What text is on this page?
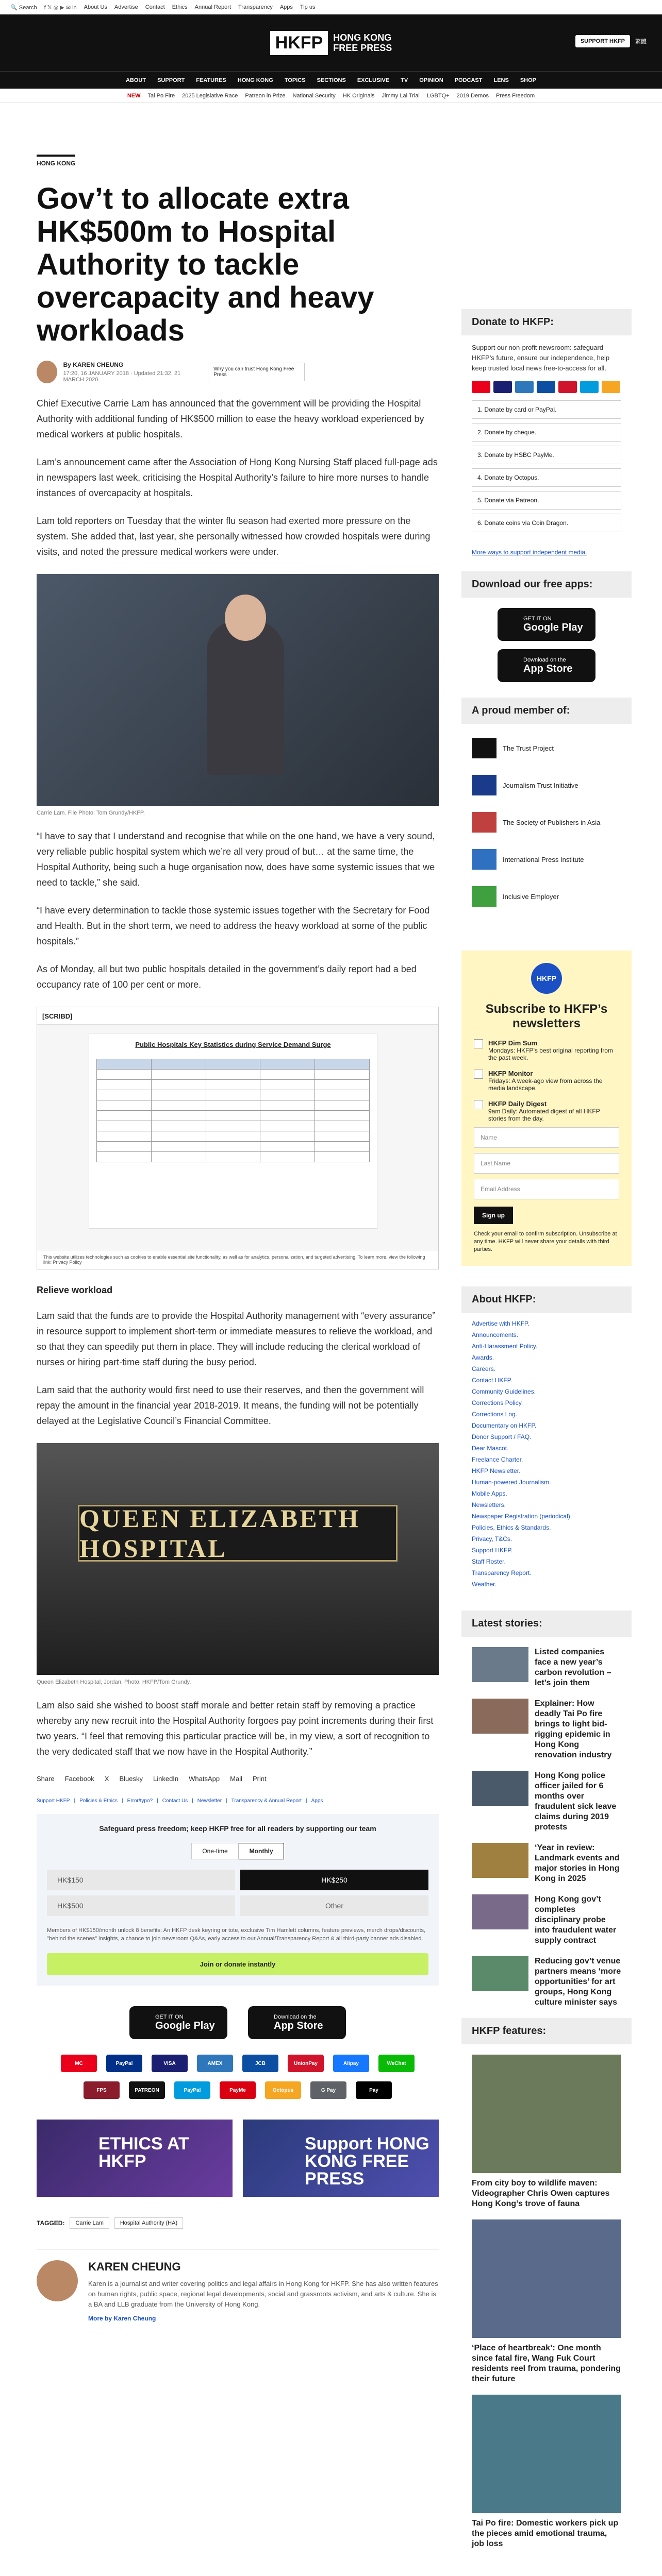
🔍 Search f 𝕏 ◎ ▶ ✉ in About Us Advertise Contact Ethics Annual Report Transparency Apps Tip us
HKFP	HONG KONG
FREE PRESS
SUPPORT HKFP	繁體
ABOUT SUPPORT FEATURES HONG KONG TOPICS SECTIONS EXCLUSIVE TV OPINION PODCAST LENS SHOP
NEW Tai Po Fire 2025 Legislative Race Patreon in Prize National Security HK Originals Jimmy Lai Trial LGBTQ+ 2019 Demos Press Freedom
HONG KONG
Gov’t to allocate extra HK$500m to Hospital Authority to tackle overcapacity and heavy workloads
By KAREN CHEUNG
17:20, 16 JANUARY 2018 · Updated 21:32, 21 MARCH 2020
Why you can trust Hong Kong Free Press

Chief Executive Carrie Lam has announced that the government will be providing the Hospital Authority with additional funding of HK$500 million to ease the heavy workload experienced by medical workers at public hospitals.

Lam’s announcement came after the Association of Hong Kong Nursing Staff placed full-page ads in newspapers last week, criticising the Hospital Authority’s failure to hire more nurses to handle instances of overcapacity at hospitals.

Lam told reporters on Tuesday that the winter flu season had exerted more pressure on the system. She added that, last year, she personally witnessed how crowded hospitals were during visits, and noted the pressure medical workers were under.

Carrie Lam. File Photo: Tom Grundy/HKFP.

“I have to say that I understand and recognise that while on the one hand, we have a very sound, very reliable public hospital system which we’re all very proud of but… at the same time, the Hospital Authority, being such a huge organisation now, does have some systemic issues that we need to tackle,” she said.

“I have every determination to tackle those systemic issues together with the Secretary for Food and Health. But in the short term, we need to address the heavy workload at some of the public hospitals.”

As of Monday, all but two public hospitals detailed in the government’s daily report had a bed occupancy rate of 100 per cent or more.

[SCRIBD]
Public Hospitals Key Statistics during Service Demand Surge

This website utilizes technologies such as cookies to enable essential site functionality, as well as for analytics, personalization, and targeted advertising. To learn more, view the following link: Privacy Policy
Relieve workload

Lam said that the funds are to provide the Hospital Authority management with “every assurance” in resource support to implement short-term or immediate measures to relieve the workload, and so that they can speedily put them in place. They will include reducing the clerical workload of nurses or hiring part-time staff during the busy period.

Lam said that the authority would first need to use their reserves, and then the government will repay the amount in the financial year 2018-2019. It means, the funding will not be potentially delayed at the Legislative Council’s Financial Committee.

QUEEN ELIZABETH HOSPITAL
Queen Elizabeth Hospital, Jordan. Photo: HKFP/Tom Grundy.

Lam also said she wished to boost staff morale and better retain staff by removing a practice whereby any new recruit into the Hospital Authority forgoes pay point increments during their first two years. “I feel that removing this particular practice will be, in my view, a sort of recognition to the very dedicated staff that we now have in the Hospital Authority.”

Share Facebook X Bluesky LinkedIn WhatsApp Mail Print
Support HKFP | Policies & Ethics | Error/typo? | Contact Us | Newsletter | Transparency & Annual Report | Apps
Safeguard press freedom; keep HKFP free for all readers by supporting our team
One-time	Monthly
HK$150	HK$250
HK$500	Other
Members of HK$150/month unlock 8 benefits: An HKFP desk keyring or tote, exclusive Tim Hamlett columns, feature previews, merch drops/discounts, "behind the scenes" insights, a chance to join newsroom Q&As, early access to our Annual/Transparency Report & all third-party banner ads disabled.
Join or donate instantly
GET IT ON
Google Play
Download on the
App Store
MC	PayPal	VISA	AMEX	JCB	UnionPay	Alipay	WeChat
FPS	PATREON	PayPal	PayMe	Octopus	G Pay	Pay
ETHICS AT HKFP
Support HONG KONG FREE PRESS
TAGGED:	Carrie Lam	Hospital Authority (HA)
KAREN CHEUNG
Karen is a journalist and writer covering politics and legal affairs in Hong Kong for HKFP. She has also written features on human rights, public space, regional legal developments, social and grassroots activism, and arts & culture. She is a BA and LLB graduate from the University of Hong Kong.
More by Karen Cheung
Donate to HKFP:
Support our non-profit newsroom: safeguard HKFP’s future, ensure our independence, help keep trusted local news free-to-access for all.
1. Donate by card or PayPal.
2. Donate by cheque.
3. Donate by HSBC PayMe.
4. Donate by Octopus.
5. Donate via Patreon.
6. Donate coins via Coin Dragon.
More ways to support independent media.
Download our free apps:
GET IT ON
Google Play
Download on the
App Store
A proud member of:
The Trust Project
Journalism Trust Initiative
The Society of Publishers in Asia
International Press Institute
Inclusive Employer
HKFP
Subscribe to HKFP’s newsletters
HKFP Dim Sum
Mondays: HKFP’s best original reporting from the past week.
HKFP Monitor
Fridays: A week-ago view from across the media landscape.
HKFP Daily Digest
9am Daily: Automated digest of all HKFP stories from the day.
Name
Last Name
Email Address
Sign up
Check your email to confirm subscription. Unsubscribe at any time. HKFP will never share your details with third parties.
About HKFP:
Advertise with HKFP.
Announcements.
Anti-Harassment Policy.
Awards.
Careers.
Contact HKFP.
Community Guidelines.
Corrections Policy.
Corrections Log.
Documentary on HKFP.
Donor Support / FAQ.
Dear Mascot.
Freelance Charter.
HKFP Newsletter.
Human-powered Journalism.
Mobile Apps.
Newsletters.
Newspaper Registration (periodical).
Policies, Ethics & Standards.
Privacy, T&Cs.
Support HKFP.
Staff Roster.
Transparency Report.
Weather.
Latest stories:
Listed companies face a new year’s carbon revolution – let’s join them
Explainer: How deadly Tai Po fire brings to light bid-rigging epidemic in Hong Kong renovation industry
Hong Kong police officer jailed for 6 months over fraudulent sick leave claims during 2019 protests
‘Year in review: Landmark events and major stories in Hong Kong in 2025
Hong Kong gov’t completes disciplinary probe into fraudulent water supply contract
Reducing gov’t venue partners means ‘more opportunities’ for art groups, Hong Kong culture minister says
HKFP features:
From city boy to wildlife maven: Videographer Chris Owen captures Hong Kong’s trove of fauna
‘Place of heartbreak’: One month since fatal fire, Wang Fuk Court residents reel from trauma, pondering their future
Tai Po fire: Domestic workers pick up the pieces amid emotional trauma, job loss
